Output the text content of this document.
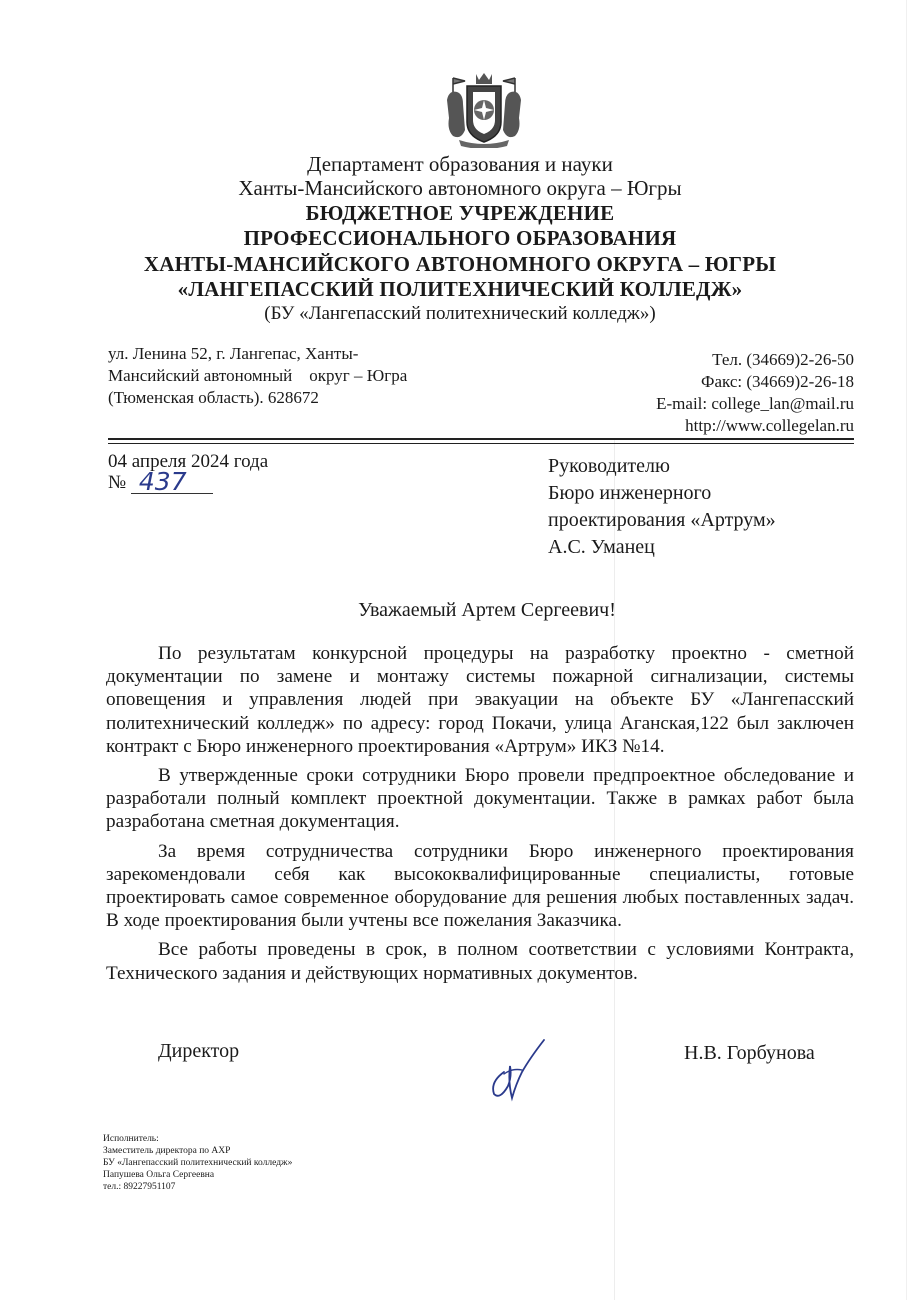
Департамент образования и науки
Ханты-Мансийского автономного округа – Югры
БЮДЖЕТНОЕ УЧРЕЖДЕНИЕ
ПРОФЕССИОНАЛЬНОГО ОБРАЗОВАНИЯ
ХАНТЫ-МАНСИЙСКОГО АВТОНОМНОГО ОКРУГА – ЮГРЫ
«ЛАНГЕПАССКИЙ ПОЛИТЕХНИЧЕСКИЙ КОЛЛЕДЖ»
(БУ «Лангепасский политехнический колледж»)
ул. Ленина 52, г. Лангепас, Ханты-
Мансийский автономный    округ – Югра
(Тюменская область). 628672
Тел. (34669)2-26-50
Факс: (34669)2-26-18
E-mail: college_lan@mail.ru
http://www.collegelan.ru
04 апреля 2024 года
№ 437
Руководителю
Бюро инженерного
проектирования «Артрум»
А.С. Уманец
Уважаемый Артем Сергеевич!

По результатам конкурсной процедуры на разработку проектно - сметной документации по замене и монтажу системы пожарной сигнализации, системы оповещения и управления людей при эвакуации на объекте БУ «Лангепасский политехнический колледж» по адресу: город Покачи, улица Аганская,122 был заключен контракт с Бюро инженерного проектирования «Артрум» ИКЗ №14.

В утвержденные сроки сотрудники Бюро провели предпроектное обследование и разработали полный комплект проектной документации. Также в рамках работ была разработана сметная документация.

За время сотрудничества сотрудники Бюро инженерного проектирования зарекомендовали себя как высококвалифицированные специалисты, готовые проектировать самое современное оборудование для решения любых поставленных задач. В ходе проектирования были учтены все пожелания Заказчика.

Все работы проведены в срок, в полном соответствии с условиями Контракта, Технического задания и действующих нормативных документов.

Директор	Н.В. Горбунова
Исполнитель:
Заместитель директора по АХР
БУ «Лангепасский политехнический колледж»
Папушева Ольга Сергеевна
тел.: 89227951107
